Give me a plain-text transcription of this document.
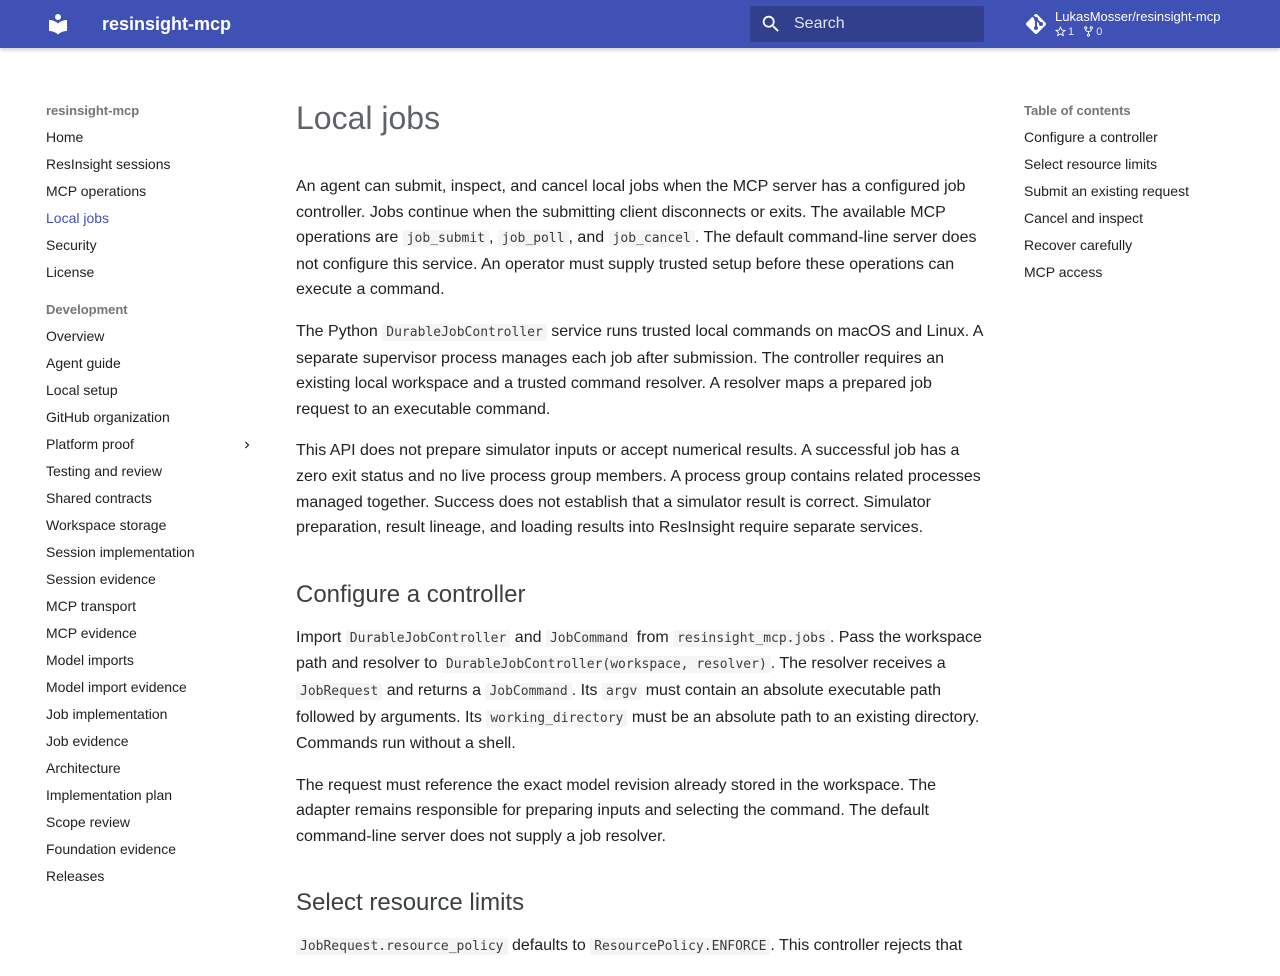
resinsight-mcp	Search	LukasMosser/resinsight-mcp
1 0
resinsight-mcp
Home
ResInsight sessions
MCP operations
Local jobs
Security
License
Development
Overview
Agent guide
Local setup
GitHub organization
Platform proof
Testing and review
Shared contracts
Workspace storage
Session implementation
Session evidence
MCP transport
MCP evidence
Model imports
Model import evidence
Job implementation
Job evidence
Architecture
Implementation plan
Scope review
Foundation evidence
Releases
Local jobs

An agent can submit, inspect, and cancel local jobs when the MCP server has a configured job controller. Jobs continue when the submitting client disconnects or exits. The available MCP operations are job_submit , job_poll , and job_cancel . The default command-line server does not configure this service. An operator must supply trusted setup before these operations can execute a command.

The Python DurableJobController service runs trusted local commands on macOS and Linux. A separate supervisor process manages each job after submission. The controller requires an existing local workspace and a trusted command resolver. A resolver maps a prepared job request to an executable command.

This API does not prepare simulator inputs or accept numerical results. A successful job has a zero exit status and no live process group members. A process group contains related processes managed together. Success does not establish that a simulator result is correct. Simulator preparation, result lineage, and loading results into ResInsight require separate services.

Configure a controller

Import DurableJobController and JobCommand from resinsight_mcp.jobs . Pass the workspace path and resolver to DurableJobController(workspace, resolver) . The resolver receives a JobRequest and returns a JobCommand . Its argv must contain an absolute executable path followed by arguments. Its working_directory must be an absolute path to an existing directory. Commands run without a shell.

The request must reference the exact model revision already stored in the workspace. The adapter remains responsible for preparing inputs and selecting the command. The default command-line server does not supply a job resolver.

Select resource limits

JobRequest.resource_policy defaults to ResourcePolicy.ENFORCE . This controller rejects that

Table of contents
Configure a controller
Select resource limits
Submit an existing request
Cancel and inspect
Recover carefully
MCP access
